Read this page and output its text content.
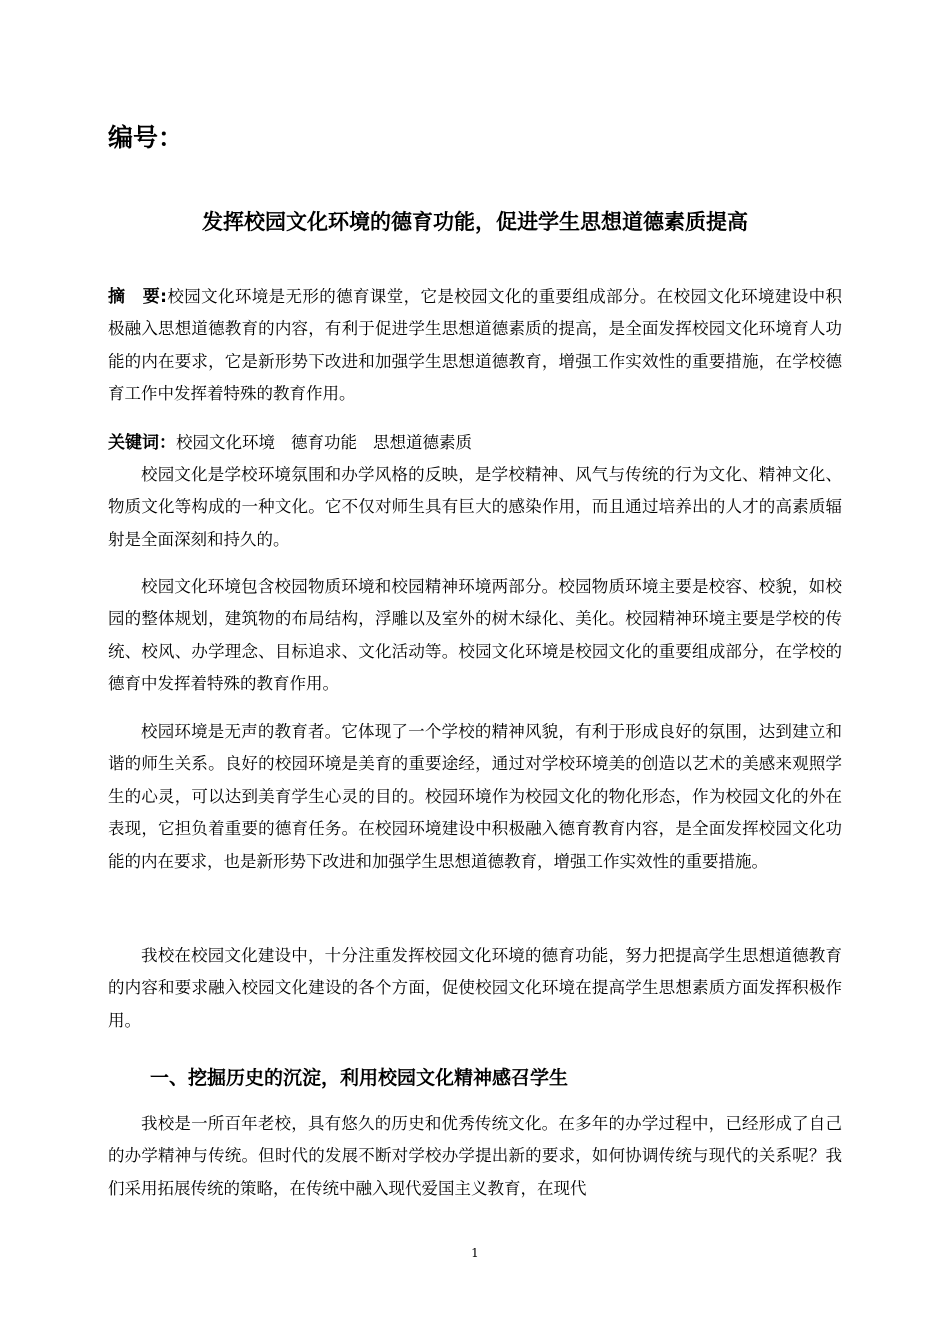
编号：
发挥校园文化环境的德育功能，促进学生思想道德素质提高
摘　要:校园文化环境是无形的德育课堂，它是校园文化的重要组成部分。在校园文化环境建设中积极融入思想道德教育的内容，有利于促进学生思想道德素质的提高，是全面发挥校园文化环境育人功能的内在要求，它是新形势下改进和加强学生思想道德教育，增强工作实效性的重要措施，在学校德育工作中发挥着特殊的教育作用。
关键词：校园文化环境 德育功能 思想道德素质
校园文化是学校环境氛围和办学风格的反映，是学校精神、风气与传统的行为文化、精神文化、物质文化等构成的一种文化。它不仅对师生具有巨大的感染作用，而且通过培养出的人才的高素质辐射是全面深刻和持久的。
校园文化环境包含校园物质环境和校园精神环境两部分。校园物质环境主要是校容、校貌，如校园的整体规划，建筑物的布局结构，浮雕以及室外的树木绿化、美化。校园精神环境主要是学校的传统、校风、办学理念、目标追求、文化活动等。校园文化环境是校园文化的重要组成部分，在学校的德育中发挥着特殊的教育作用。
校园环境是无声的教育者。它体现了一个学校的精神风貌，有利于形成良好的氛围，达到建立和谐的师生关系。良好的校园环境是美育的重要途经，通过对学校环境美的创造以艺术的美感来观照学生的心灵，可以达到美育学生心灵的目的。校园环境作为校园文化的物化形态，作为校园文化的外在表现，它担负着重要的德育任务。在校园环境建设中积极融入德育教育内容，是全面发挥校园文化功能的内在要求，也是新形势下改进和加强学生思想道德教育，增强工作实效性的重要措施。
我校在校园文化建设中，十分注重发挥校园文化环境的德育功能，努力把提高学生思想道德教育的内容和要求融入校园文化建设的各个方面，促使校园文化环境在提高学生思想素质方面发挥积极作用。
一、挖掘历史的沉淀，利用校园文化精神感召学生
我校是一所百年老校，具有悠久的历史和优秀传统文化。在多年的办学过程中，已经形成了自己的办学精神与传统。但时代的发展不断对学校办学提出新的要求，如何协调传统与现代的关系呢？我们采用拓展传统的策略，在传统中融入现代爱国主义教育，在现代
1
